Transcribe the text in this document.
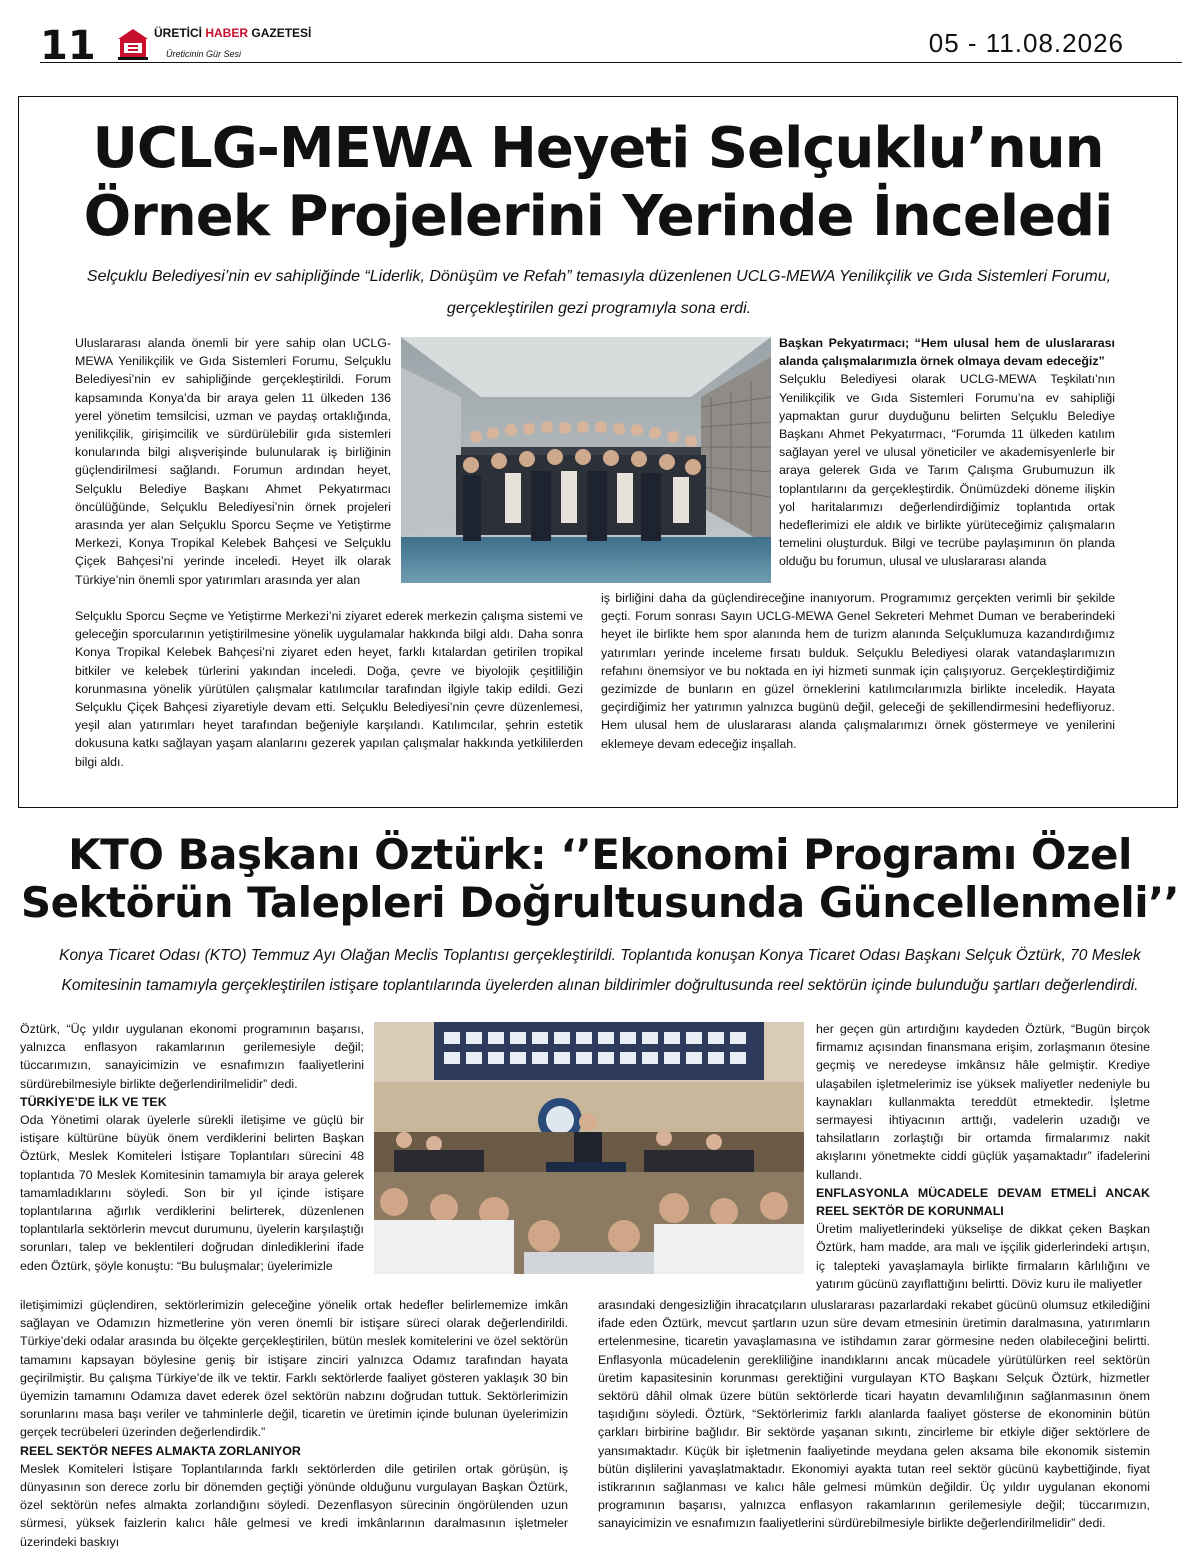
11	ÜRETİCİ HABER GAZETESİ
Üreticinin Gür Sesi	05 - 11.08.2026
UCLG-MEWA Heyeti Selçuklu’nun
Örnek Projelerini Yerinde İnceledi
Selçuklu Belediyesi’nin ev sahipliğinde “Liderlik, Dönüşüm ve Refah” temasıyla düzenlenen UCLG-MEWA Yenilikçilik ve Gıda Sistemleri Forumu,
gerçekleştirilen gezi programıyla sona erdi.

Uluslararası alanda önemli bir yere sahip olan UCLG-MEWA Yenilikçilik ve Gıda Sistemleri Forumu, Selçuklu Belediyesi’nin ev sahipliğinde gerçekleştirildi. Forum kapsamında Konya’da bir araya gelen 11 ülkeden 136 yerel yönetim temsilcisi, uzman ve paydaş ortaklığında, yenilikçilik, girişimcilik ve sürdürülebilir gıda sistemleri konularında bilgi alışverişinde bulunularak iş birliğinin güçlendirilmesi sağlandı. Forumun ardından heyet, Selçuklu Belediye Başkanı Ahmet Pekyatırmacı öncülüğünde, Selçuklu Belediyesi’nin örnek projeleri arasında yer alan Selçuklu Sporcu Seçme ve Yetiştirme Merkezi, Konya Tropikal Kelebek Bahçesi ve Selçuklu Çiçek Bahçesi’ni yerinde inceledi. Heyet ilk olarak Türkiye’nin önemli spor yatırımları arasında yer alan

Başkan Pekyatırmacı; “Hem ulusal hem de uluslararası alanda çalışmalarımızla örnek olmaya devam edeceğiz”

Selçuklu Belediyesi olarak UCLG-MEWA Teşkilatı’nın Yenilikçilik ve Gıda Sistemleri Forumu’na ev sahipliği yapmaktan gurur duyduğunu belirten Selçuklu Belediye Başkanı Ahmet Pekyatırmacı, “Forumda 11 ülkeden katılım sağlayan yerel ve ulusal yöneticiler ve akademisyenlerle bir araya gelerek Gıda ve Tarım Çalışma Grubumuzun ilk toplantılarını da gerçekleştirdik. Önümüzdeki döneme ilişkin yol haritalarımızı değerlendirdiğimiz toplantıda ortak hedeflerimizi ele aldık ve birlikte yürüteceğimiz çalışmaların temelini oluşturduk. Bilgi ve tecrübe paylaşımının ön planda olduğu bu forumun, ulusal ve uluslararası alanda

Selçuklu Sporcu Seçme ve Yetiştirme Merkezi’ni ziyaret ederek merkezin çalışma sistemi ve geleceğin sporcularının yetiştirilmesine yönelik uygulamalar hakkında bilgi aldı. Daha sonra Konya Tropikal Kelebek Bahçesi’ni ziyaret eden heyet, farklı kıtalardan getirilen tropikal bitkiler ve kelebek türlerini yakından inceledi. Doğa, çevre ve biyolojik çeşitliliğin korunmasına yönelik yürütülen çalışmalar katılımcılar tarafından ilgiyle takip edildi. Gezi Selçuklu Çiçek Bahçesi ziyaretiyle devam etti. Selçuklu Belediyesi’nin çevre düzenlemesi, yeşil alan yatırımları heyet tarafından beğeniyle karşılandı. Katılımcılar, şehrin estetik dokusuna katkı sağlayan yaşam alanlarını gezerek yapılan çalışmalar hakkında yetkililerden bilgi aldı.

iş birliğini daha da güçlendireceğine inanıyorum. Programımız gerçekten verimli bir şekilde geçti. Forum sonrası Sayın UCLG-MEWA Genel Sekreteri Mehmet Duman ve beraberindeki heyet ile birlikte hem spor alanında hem de turizm alanında Selçuklumuza kazandırdığımız yatırımları yerinde inceleme fırsatı bulduk. Selçuklu Belediyesi olarak vatandaşlarımızın refahını önemsiyor ve bu noktada en iyi hizmeti sunmak için çalışıyoruz. Gerçekleştirdiğimiz gezimizde de bunların en güzel örneklerini katılımcılarımızla birlikte inceledik. Hayata geçirdiğimiz her yatırımın yalnızca bugünü değil, geleceği de şekillendirmesini hedefliyoruz. Hem ulusal hem de uluslararası alanda çalışmalarımızı örnek göstermeye ve yenilerini eklemeye devam edeceğiz inşallah.

KTO Başkanı Öztürk: ‘’Ekonomi Programı Özel
Sektörün Talepleri Doğrultusunda Güncellenmeli’’
Konya Ticaret Odası (KTO) Temmuz Ayı Olağan Meclis Toplantısı gerçekleştirildi. Toplantıda konuşan Konya Ticaret Odası Başkanı Selçuk Öztürk, 70 Meslek
Komitesinin tamamıyla gerçekleştirilen istişare toplantılarında üyelerden alınan bildirimler doğrultusunda reel sektörün içinde bulunduğu şartları değerlendirdi.

Öztürk, “Üç yıldır uygulanan ekonomi programının başarısı, yalnızca enflasyon rakamlarının gerilemesiyle değil; tüccarımızın, sanayicimizin ve esnafımızın faaliyetlerini sürdürebilmesiyle birlikte değerlendirilmelidir” dedi.

TÜRKİYE’DE İLK VE TEK

Oda Yönetimi olarak üyelerle sürekli iletişime ve güçlü bir istişare kültürüne büyük önem verdiklerini belirten Başkan Öztürk, Meslek Komiteleri İstişare Toplantıları sürecini 48 toplantıda 70 Meslek Komitesinin tamamıyla bir araya gelerek tamamladıklarını söyledi. Son bir yıl içinde istişare toplantılarına ağırlık verdiklerini belirterek, düzenlenen toplantılarla sektörlerin mevcut durumunu, üyelerin karşılaştığı sorunları, talep ve beklentileri doğrudan dinlediklerini ifade eden Öztürk, şöyle konuştu: “Bu buluşmalar; üyelerimizle

her geçen gün artırdığını kaydeden Öztürk, “Bugün birçok firmamız açısından finansmana erişim, zorlaşmanın ötesine geçmiş ve neredeyse imkânsız hâle gelmiştir. Krediye ulaşabilen işletmelerimiz ise yüksek maliyetler nedeniyle bu kaynakları kullanmakta tereddüt etmektedir. İşletme sermayesi ihtiyacının arttığı, vadelerin uzadığı ve tahsilatların zorlaştığı bir ortamda firmalarımız nakit akışlarını yönetmekte ciddi güçlük yaşamaktadır” ifadelerini kullandı.

ENFLASYONLA MÜCADELE DEVAM ETMELİ ANCAK REEL SEKTÖR DE KORUNMALI

Üretim maliyetlerindeki yükselişe de dikkat çeken Başkan Öztürk, ham madde, ara malı ve işçilik giderlerindeki artışın, iç talepteki yavaşlamayla birlikte firmaların kârlılığını ve yatırım gücünü zayıflattığını belirtti. Döviz kuru ile maliyetler

iletişimimizi güçlendiren, sektörlerimizin geleceğine yönelik ortak hedefler belirlememize imkân sağlayan ve Odamızın hizmetlerine yön veren önemli bir istişare süreci olarak değerlendirildi. Türkiye’deki odalar arasında bu ölçekte gerçekleştirilen, bütün meslek komitelerini ve özel sektörün tamamını kapsayan böylesine geniş bir istişare zinciri yalnızca Odamız tarafından hayata geçirilmiştir. Bu çalışma Türkiye’de ilk ve tektir. Farklı sektörlerde faaliyet gösteren yaklaşık 30 bin üyemizin tamamını Odamıza davet ederek özel sektörün nabzını doğrudan tuttuk. Sektörlerimizin sorunlarını masa başı veriler ve tahminlerle değil, ticaretin ve üretimin içinde bulunan üyelerimizin gerçek tecrübeleri üzerinden değerlendirdik.”

REEL SEKTÖR NEFES ALMAKTA ZORLANIYOR

Meslek Komiteleri İstişare Toplantılarında farklı sektörlerden dile getirilen ortak görüşün, iş dünyasının son derece zorlu bir dönemden geçtiği yönünde olduğunu vurgulayan Başkan Öztürk, özel sektörün nefes almakta zorlandığını söyledi. Dezenflasyon sürecinin öngörülenden uzun sürmesi, yüksek faizlerin kalıcı hâle gelmesi ve kredi imkânlarının daralmasının işletmeler üzerindeki baskıyı

arasındaki dengesizliğin ihracatçıların uluslararası pazarlardaki rekabet gücünü olumsuz etkilediğini ifade eden Öztürk, mevcut şartların uzun süre devam etmesinin üretimin daralmasına, yatırımların ertelenmesine, ticaretin yavaşlamasına ve istihdamın zarar görmesine neden olabileceğini belirtti. Enflasyonla mücadelenin gerekliliğine inandıklarını ancak mücadele yürütülürken reel sektörün üretim kapasitesinin korunması gerektiğini vurgulayan KTO Başkanı Selçuk Öztürk, hizmetler sektörü dâhil olmak üzere bütün sektörlerde ticari hayatın devamlılığının sağlanmasının önem taşıdığını söyledi. Öztürk, “Sektörlerimiz farklı alanlarda faaliyet gösterse de ekonominin bütün çarkları birbirine bağlıdır. Bir sektörde yaşanan sıkıntı, zincirleme bir etkiyle diğer sektörlere de yansımaktadır. Küçük bir işletmenin faaliyetinde meydana gelen aksama bile ekonomik sistemin bütün dişlilerini yavaşlatmaktadır. Ekonomiyi ayakta tutan reel sektör gücünü kaybettiğinde, fiyat istikrarının sağlanması ve kalıcı hâle gelmesi mümkün değildir. Üç yıldır uygulanan ekonomi programının başarısı, yalnızca enflasyon rakamlarının gerilemesiyle değil; tüccarımızın, sanayicimizin ve esnafımızın faaliyetlerini sürdürebilmesiyle birlikte değerlendirilmelidir” dedi.
